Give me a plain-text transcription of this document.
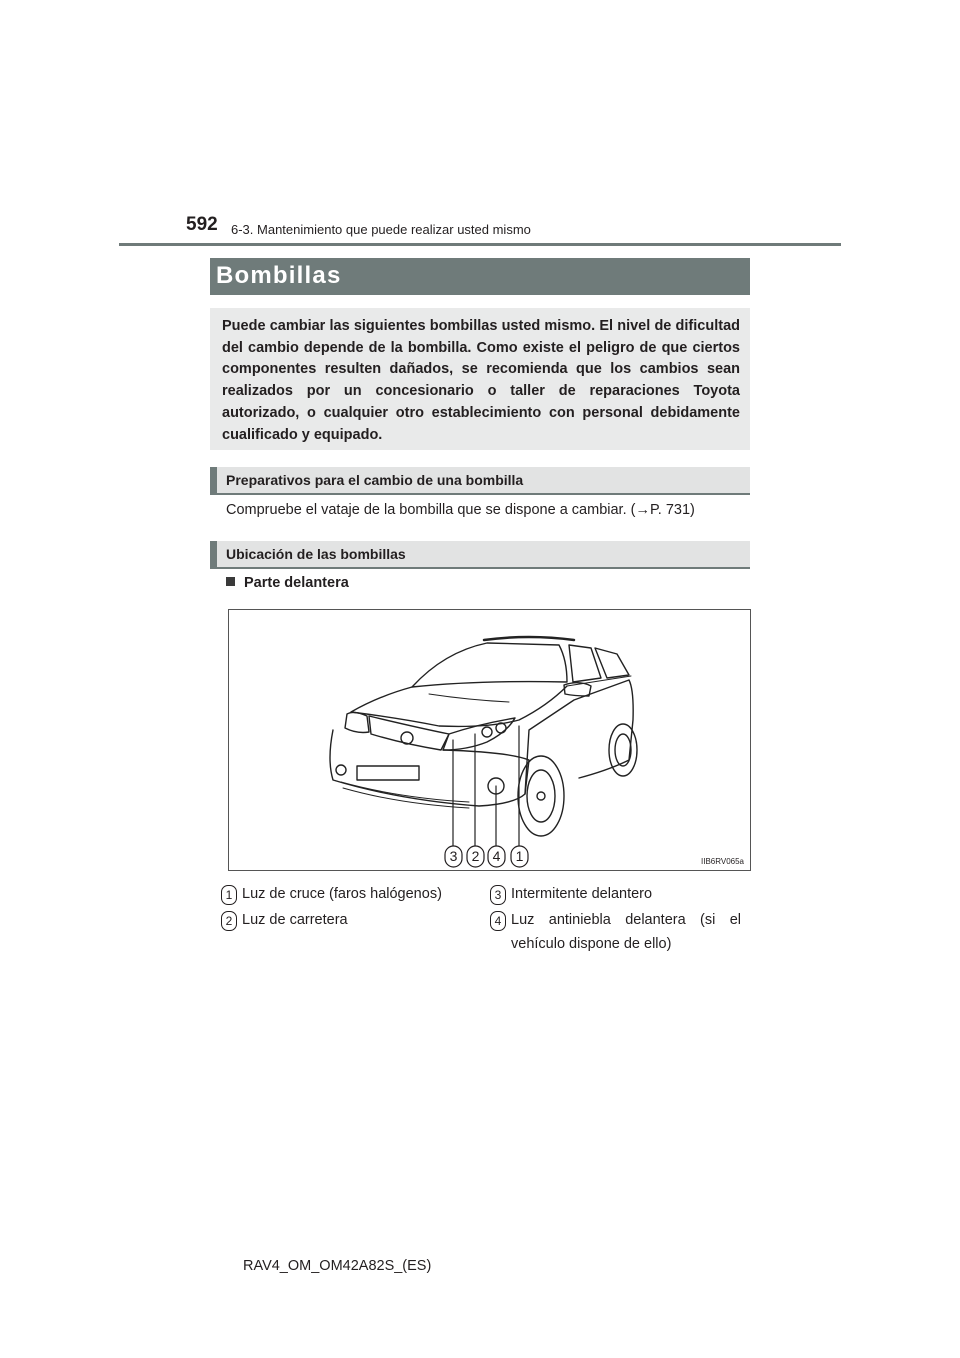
592 6-3. Mantenimiento que puede realizar usted mismo
Bombillas
Puede cambiar las siguientes bombillas usted mismo. El nivel de dificultad del cambio depende de la bombilla. Como existe el peligro de que ciertos componentes resulten dañados, se recomienda que los cambios sean realizados por un concesionario o taller de reparaciones Toyota autorizado, o cualquier otro establecimiento con personal debidamente cualificado y equipado.
Preparativos para el cambio de una bombilla
Compruebe el vataje de la bombilla que se dispone a cambiar. (→P. 731)
Ubicación de las bombillas
Parte delantera
3 2 4 1	IIB6RV065a
1 Luz de cruce (faros halógenos)
2 Luz de carretera
3 Intermitente delantero
4 Luz antiniebla delantera (si el vehículo dispone de ello)
RAV4_OM_OM42A82S_(ES)
